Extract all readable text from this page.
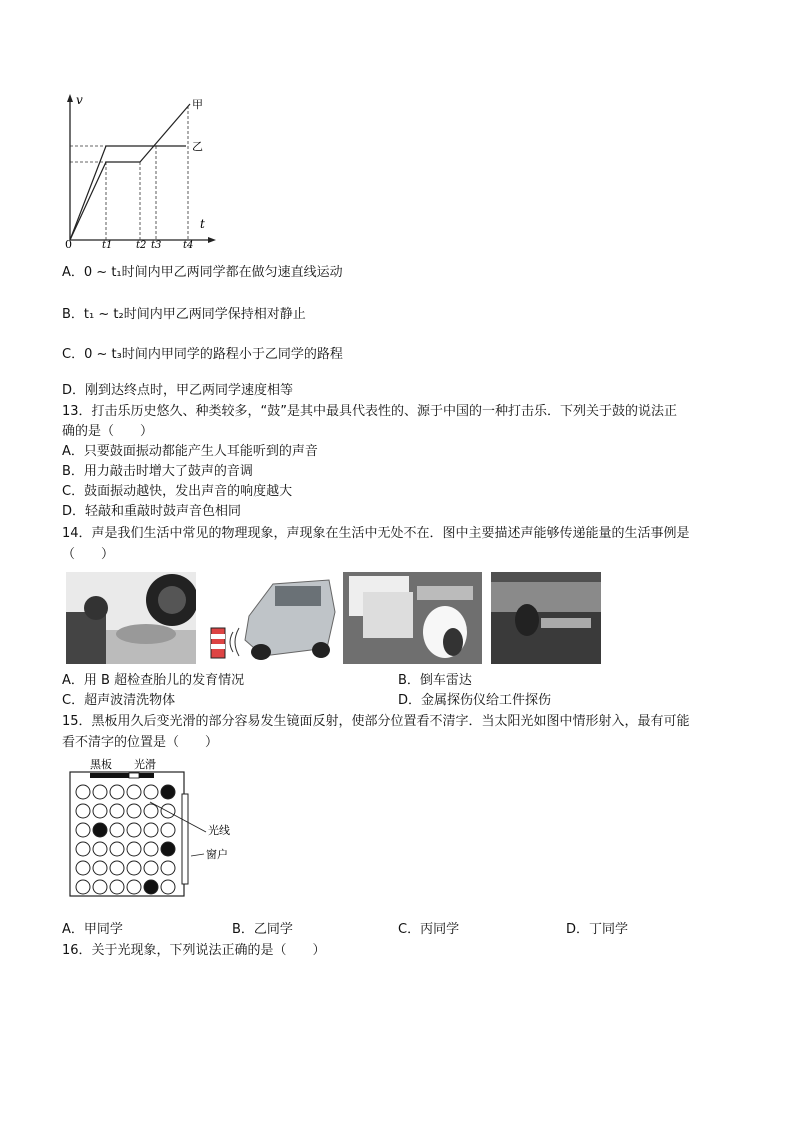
v
t
0
甲
乙
t1 t2 t3 t4
A．0 ~ t₁时间内甲乙两同学都在做匀速直线运动
B．t₁ ~ t₂时间内甲乙两同学保持相对静止
C．0 ~ t₃时间内甲同学的路程小于乙同学的路程
D．刚到达终点时，甲乙两同学速度相等
13．打击乐历史悠久、种类较多，“鼓”是其中最具代表性的、源于中国的一种打击乐．下列关于鼓的说法正
确的是（　　）
A．只要鼓面振动都能产生人耳能听到的声音
B．用力敲击时增大了鼓声的音调
C．鼓面振动越快，发出声音的响度越大
D．轻敲和重敲时鼓声音色相同
14．声是我们生活中常见的物理现象，声现象在生活中无处不在．图中主要描述声能够传递能量的生活事例是
（　　）
A．用 B 超检查胎儿的发育情况	B．倒车雷达
C．超声波清洗物体	D．金属探伤仪给工件探伤
15．黑板用久后变光滑的部分容易发生镜面反射，使部分位置看不清字．当太阳光如图中情形射入，最有可能
看不清字的位置是（　　）
黑板 光滑
光线
窗户
A．甲同学	B．乙同学	C．丙同学	D．丁同学
16．关于光现象，下列说法正确的是（　　）
